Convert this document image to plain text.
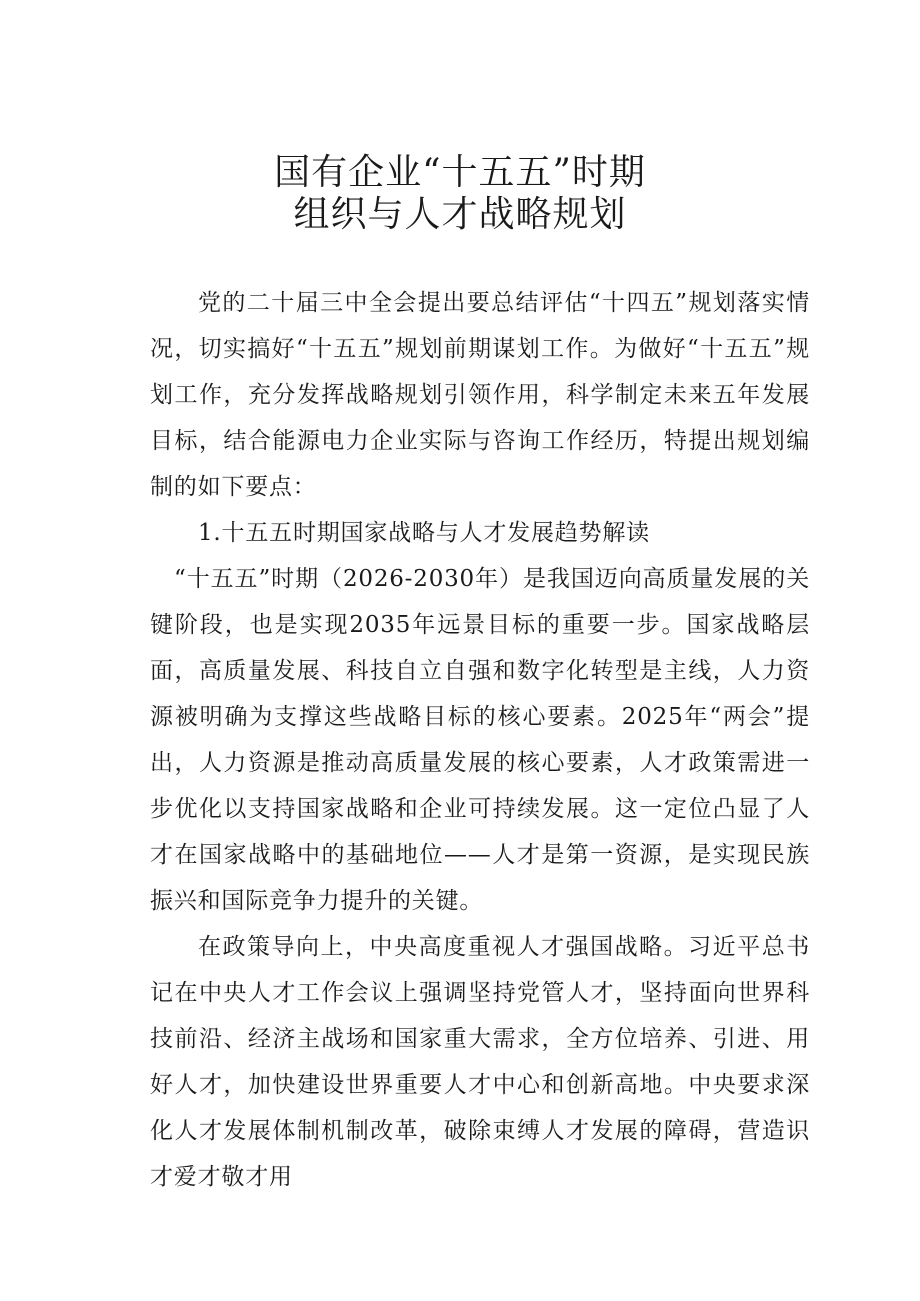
国有企业“十五五”时期
组织与人才战略规划

党的二十届三中全会提出要总结评估“十四五”规划落实情况，切实搞好“十五五”规划前期谋划工作。为做好“十五五”规划工作，充分发挥战略规划引领作用，科学制定未来五年发展目标，结合能源电力企业实际与咨询工作经历，特提出规划编制的如下要点：

1.十五五时期国家战略与人才发展趋势解读

“十五五”时期（2026-2030年）是我国迈向高质量发展的关键阶段，也是实现2035年远景目标的重要一步。国家战略层面，高质量发展、科技自立自强和数字化转型是主线，人力资源被明确为支撑这些战略目标的核心要素。2025年“两会”提出，人力资源是推动高质量发展的核心要素，人才政策需进一步优化以支持国家战略和企业可持续发展。这一定位凸显了人才在国家战略中的基础地位——人才是第一资源，是实现民族振兴和国际竞争力提升的关键。

在政策导向上，中央高度重视人才强国战略。习近平总书记在中央人才工作会议上强调坚持党管人才，坚持面向世界科技前沿、经济主战场和国家重大需求，全方位培养、引进、用好人才，加快建设世界重要人才中心和创新高地。中央要求深化人才发展体制机制改革，破除束缚人才发展的障碍，营造识才爱才敬才用
